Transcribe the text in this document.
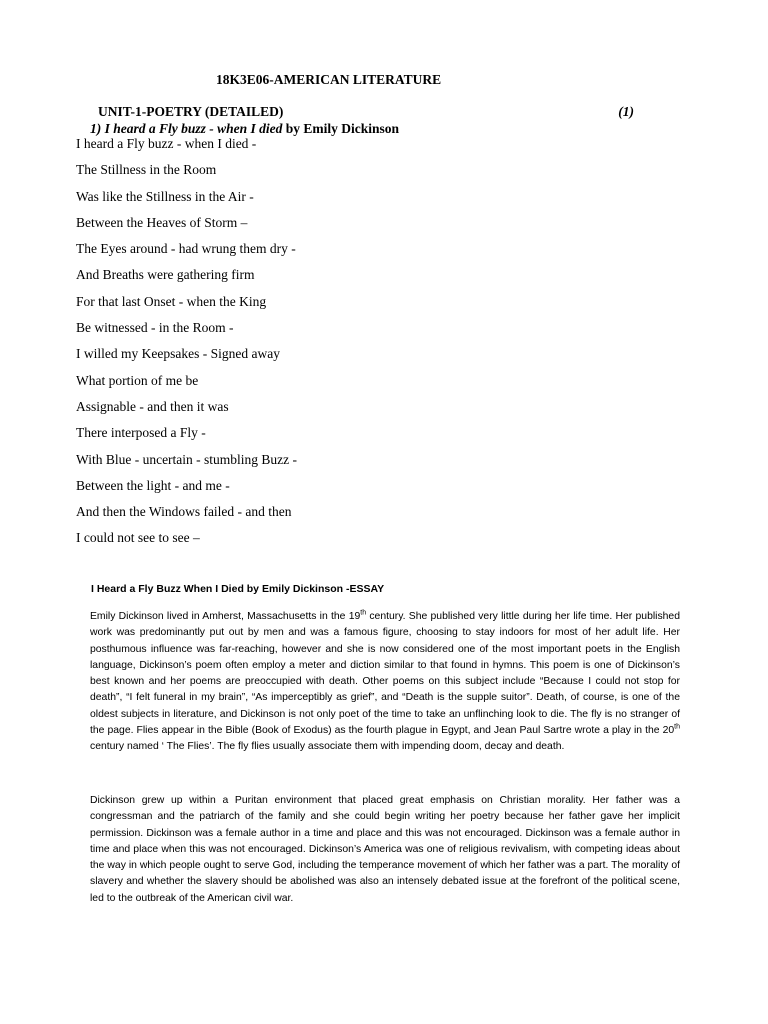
18K3E06-AMERICAN LITERATURE
UNIT-1-POETRY (DETAILED)	(1)
1) I heard a Fly buzz - when I died by Emily Dickinson
I heard a Fly buzz - when I died -
The Stillness in the Room
Was like the Stillness in the Air -
Between the Heaves of Storm –
The Eyes around - had wrung them dry -
And Breaths were gathering firm
For that last Onset - when the King
Be witnessed - in the Room -
I willed my Keepsakes - Signed away
What portion of me be
Assignable - and then it was
There interposed a Fly -
With Blue - uncertain - stumbling Buzz -
Between the light - and me -
And then the Windows failed - and then
I could not see to see –
I Heard a Fly Buzz When I Died by Emily Dickinson -ESSAY

Emily Dickinson lived in Amherst, Massachusetts in the 19th century. She published very little during her life time. Her published work was predominantly put out by men and was a famous figure, choosing to stay indoors for most of her adult life. Her posthumous influence was far-reaching, however and she is now considered one of the most important poets in the English language, Dickinson’s poem often employ a meter and diction similar to that found in hymns. This poem is one of Dickinson’s best known and her poems are preoccupied with death. Other poems on this subject include “Because I could not stop for death”, “I felt funeral in my brain”, “As imperceptibly as grief”, and “Death is the supple suitor”. Death, of course, is one of the oldest subjects in literature, and Dickinson is not only poet of the time to take an unflinching look to die. The fly is no stranger of the page. Flies appear in the Bible (Book of Exodus) as the fourth plague in Egypt, and Jean Paul Sartre wrote a play in the 20th century named ‘ The Flies’. The fly flies usually associate them with impending doom, decay and death.

Dickinson grew up within a Puritan environment that placed great emphasis on Christian morality. Her father was a congressman and the patriarch of the family and she could begin writing her poetry because her father gave her implicit permission. Dickinson was a female author in a time and place and this was not encouraged. Dickinson was a female author in time and place when this was not encouraged. Dickinson’s America was one of religious revivalism, with competing ideas about the way in which people ought to serve God, including the temperance movement of which her father was a part. The morality of slavery and whether the slavery should be abolished was also an intensely debated issue at the forefront of the political scene, led to the outbreak of the American civil war.
